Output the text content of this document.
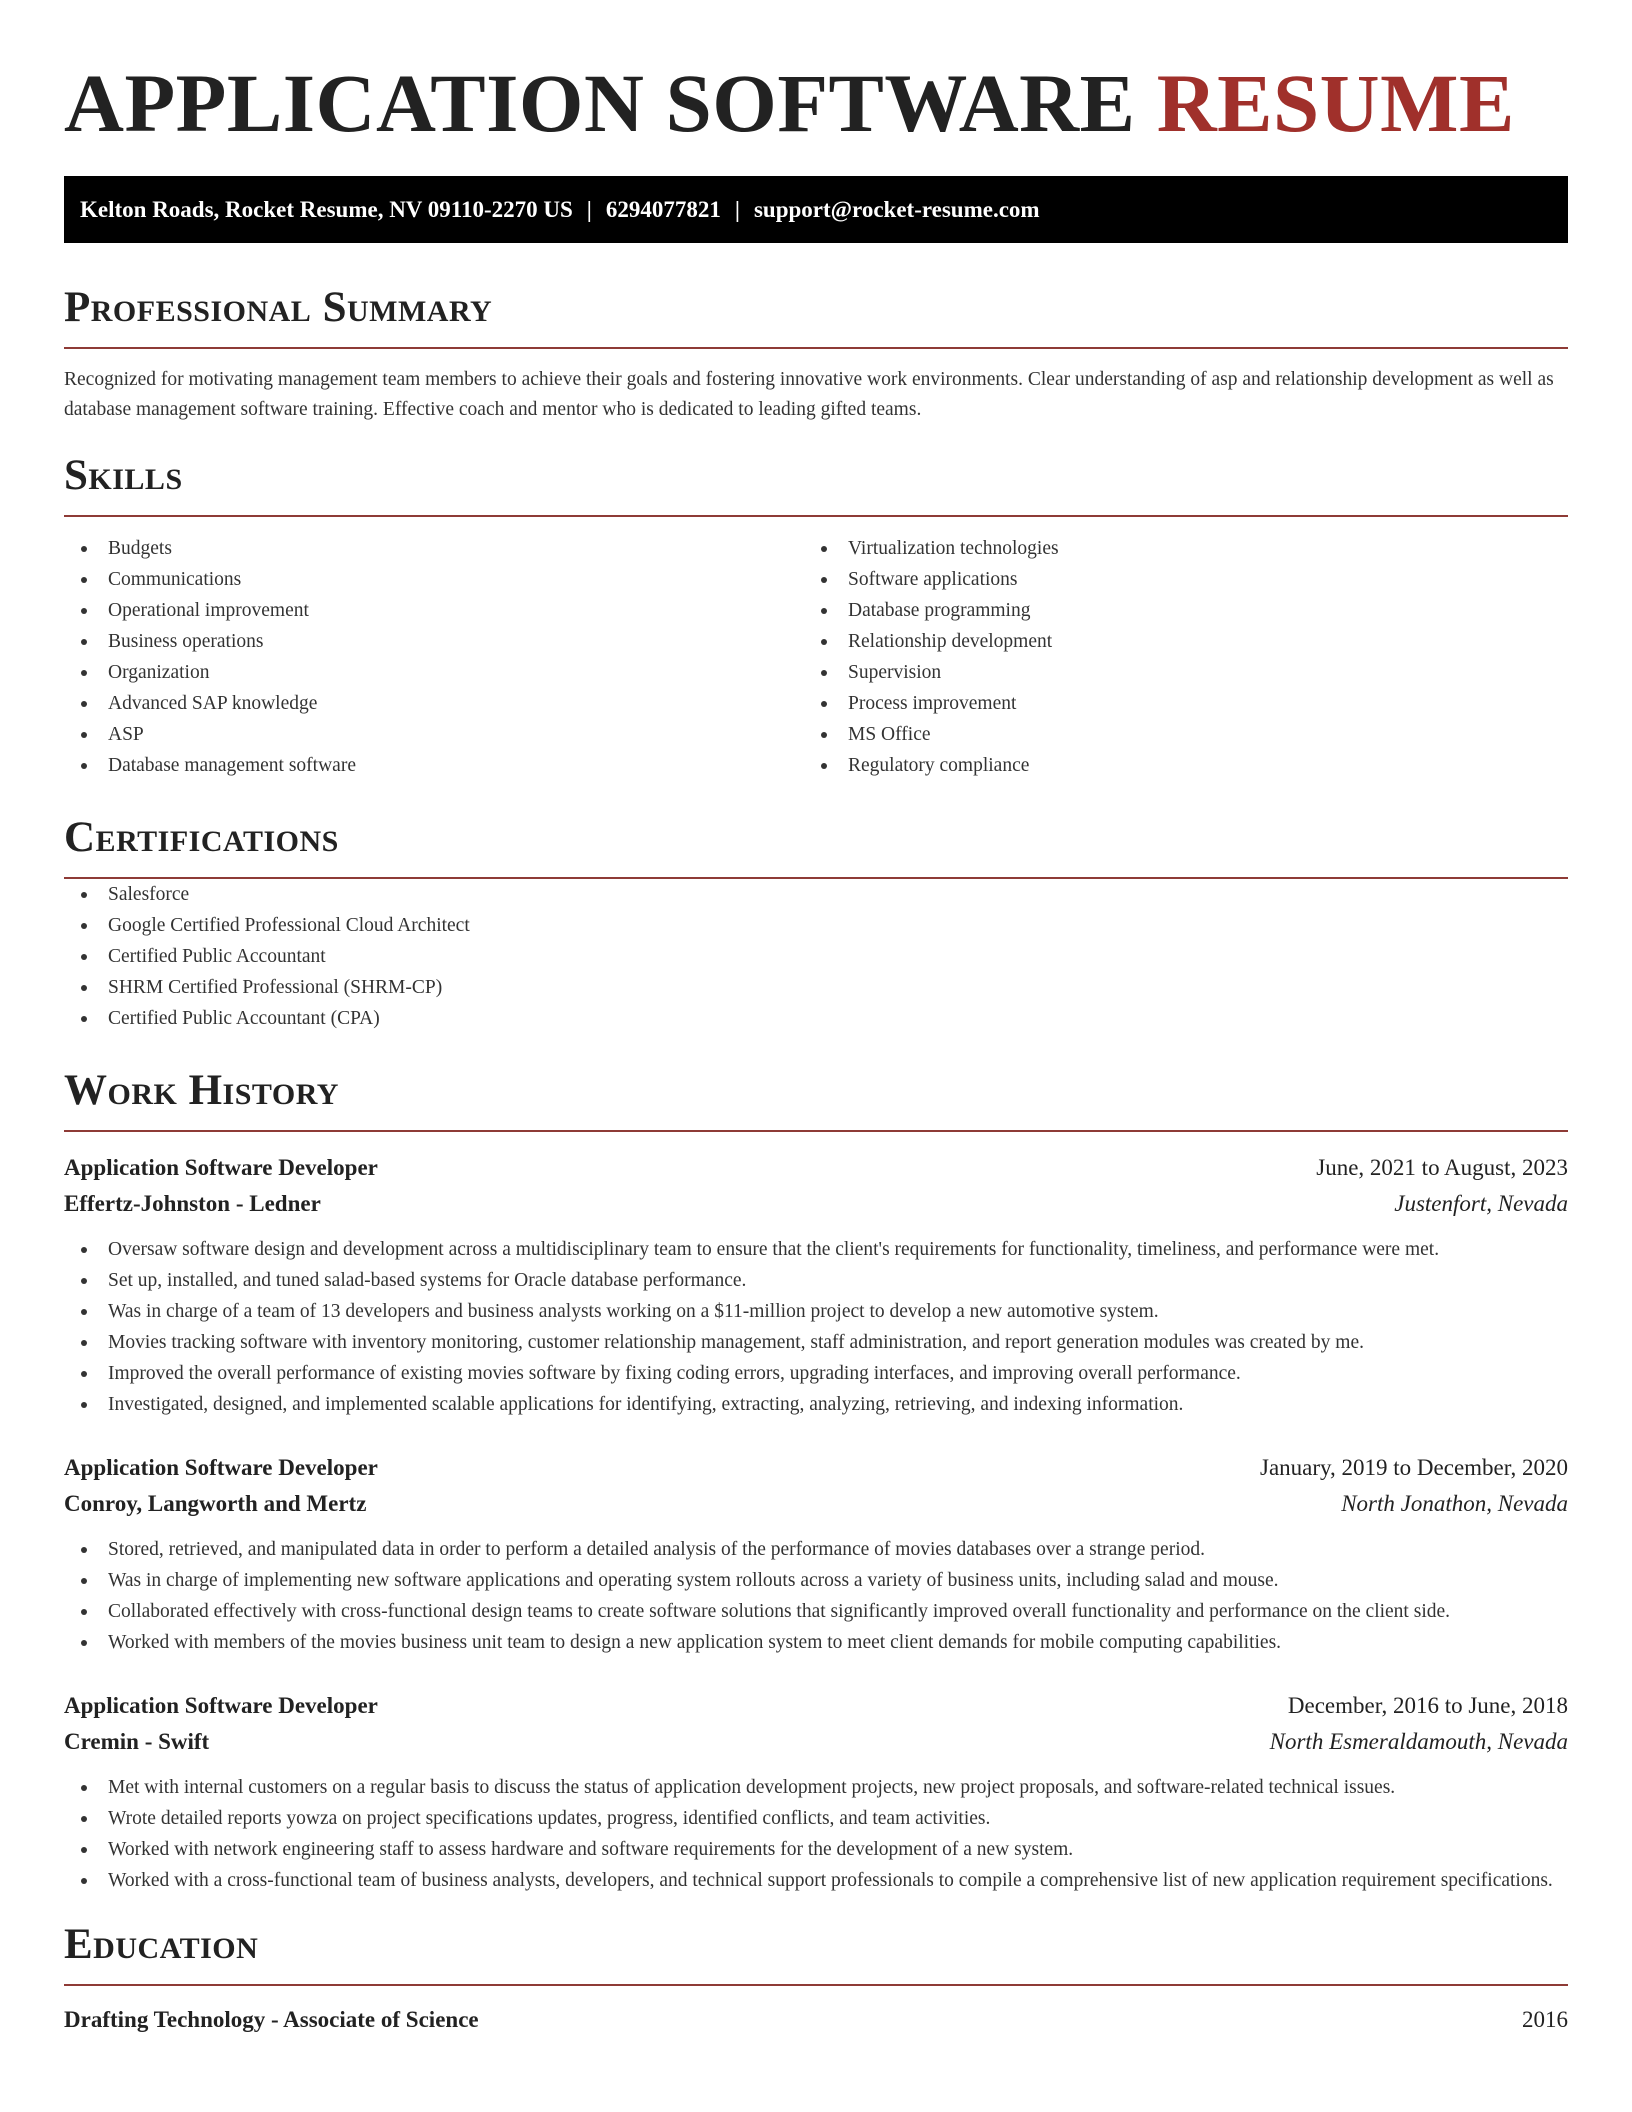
APPLICATION SOFTWARE RESUME
Kelton Roads, Rocket Resume, NV 09110-2270 US | 6294077821 | support@rocket-resume.com
Professional Summary

Recognized for motivating management team members to achieve their goals and fostering innovative work environments. Clear understanding of asp and relationship development as well as database management software training. Effective coach and mentor who is dedicated to leading gifted teams.

Skills
Budgets
Communications
Operational improvement
Business operations
Organization
Advanced SAP knowledge
ASP
Database management software
Virtualization technologies
Software applications
Database programming
Relationship development
Supervision
Process improvement
MS Office
Regulatory compliance
Certifications
Salesforce
Google Certified Professional Cloud Architect
Certified Public Accountant
SHRM Certified Professional (SHRM-CP)
Certified Public Accountant (CPA)
Work History
Application Software Developer	June, 2021 to August, 2023
Effertz-Johnston - Ledner	Justenfort, Nevada
Oversaw software design and development across a multidisciplinary team to ensure that the client's requirements for functionality, timeliness, and performance were met.
Set up, installed, and tuned salad-based systems for Oracle database performance.
Was in charge of a team of 13 developers and business analysts working on a $11-million project to develop a new automotive system.
Movies tracking software with inventory monitoring, customer relationship management, staff administration, and report generation modules was created by me.
Improved the overall performance of existing movies software by fixing coding errors, upgrading interfaces, and improving overall performance.
Investigated, designed, and implemented scalable applications for identifying, extracting, analyzing, retrieving, and indexing information.
Application Software Developer	January, 2019 to December, 2020
Conroy, Langworth and Mertz	North Jonathon, Nevada
Stored, retrieved, and manipulated data in order to perform a detailed analysis of the performance of movies databases over a strange period.
Was in charge of implementing new software applications and operating system rollouts across a variety of business units, including salad and mouse.
Collaborated effectively with cross-functional design teams to create software solutions that significantly improved overall functionality and performance on the client side.
Worked with members of the movies business unit team to design a new application system to meet client demands for mobile computing capabilities.
Application Software Developer	December, 2016 to June, 2018
Cremin - Swift	North Esmeraldamouth, Nevada
Met with internal customers on a regular basis to discuss the status of application development projects, new project proposals, and software-related technical issues.
Wrote detailed reports yowza on project specifications updates, progress, identified conflicts, and team activities.
Worked with network engineering staff to assess hardware and software requirements for the development of a new system.
Worked with a cross-functional team of business analysts, developers, and technical support professionals to compile a comprehensive list of new application requirement specifications.
Education
Drafting Technology - Associate of Science	2016
